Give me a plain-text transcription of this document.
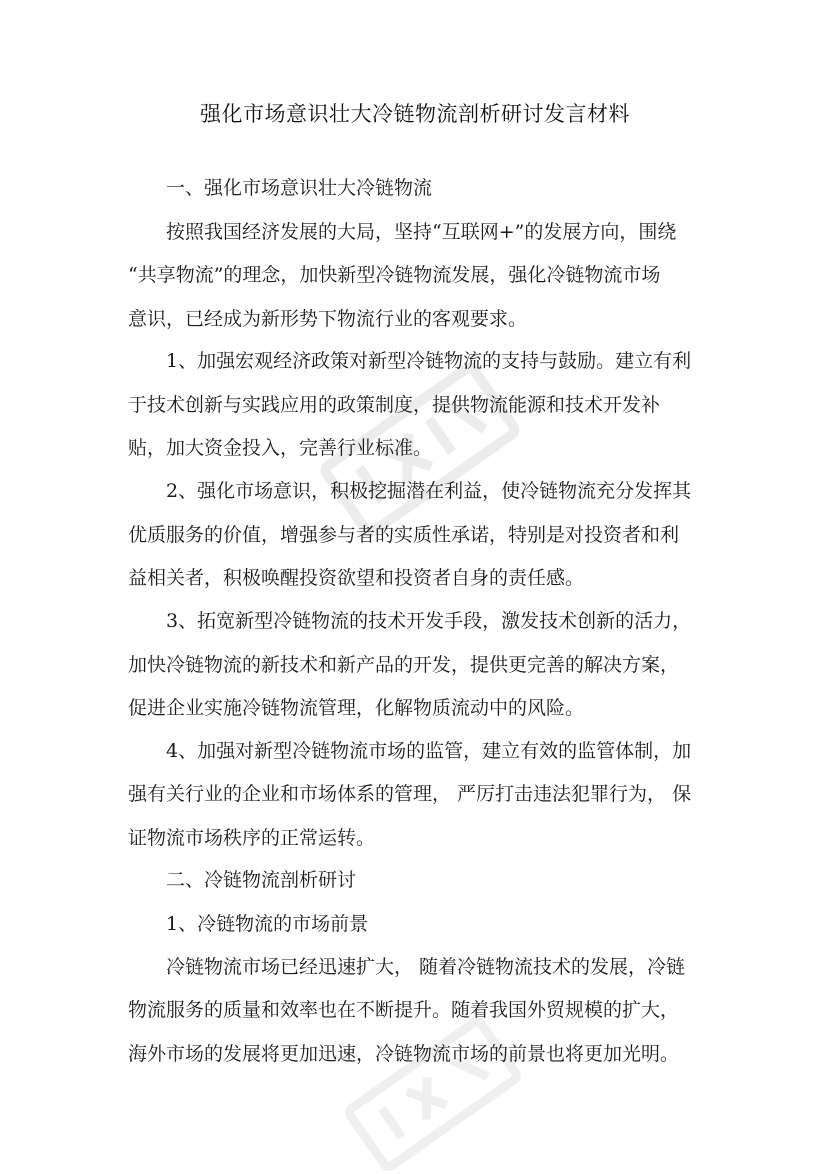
强化市场意识壮大冷链物流剖析研讨发言材料
一、强化市场意识壮大冷链物流
按照我国经济发展的大局，坚持“互联网+”的发展方向，围绕
“共享物流”的理念，加快新型冷链物流发展，强化冷链物流市场
意识，已经成为新形势下物流行业的客观要求。
1、加强宏观经济政策对新型冷链物流的支持与鼓励。建立有利
于技术创新与实践应用的政策制度，提供物流能源和技术开发补
贴，加大资金投入，完善行业标准。
2、强化市场意识，积极挖掘潜在利益，使冷链物流充分发挥其
优质服务的价值，增强参与者的实质性承诺，特别是对投资者和利
益相关者，积极唤醒投资欲望和投资者自身的责任感。
3、拓宽新型冷链物流的技术开发手段，激发技术创新的活力，
加快冷链物流的新技术和新产品的开发，提供更完善的解决方案，
促进企业实施冷链物流管理，化解物质流动中的风险。
4、加强对新型冷链物流市场的监管，建立有效的监管体制，加
强有关行业的企业和市场体系的管理， 严厉打击违法犯罪行为， 保
证物流市场秩序的正常运转。
二、冷链物流剖析研讨
1、冷链物流的市场前景
冷链物流市场已经迅速扩大， 随着冷链物流技术的发展，冷链
物流服务的质量和效率也在不断提升。随着我国外贸规模的扩大，
海外市场的发展将更加迅速，冷链物流市场的前景也将更加光明。
